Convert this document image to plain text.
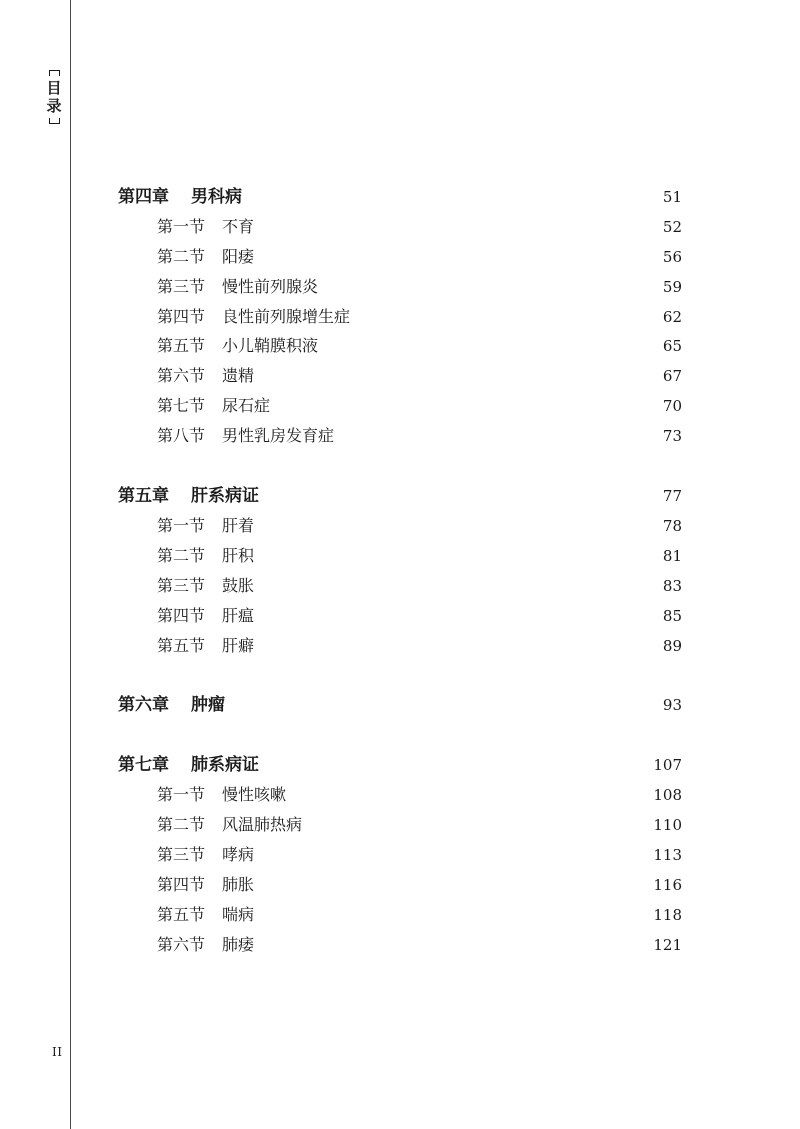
目录
第四章 男科病	51
第一节 不育	52
第二节 阳痿	56
第三节 慢性前列腺炎	59
第四节 良性前列腺增生症	62
第五节 小儿鞘膜积液	65
第六节 遗精	67
第七节 尿石症	70
第八节 男性乳房发育症	73
第五章 肝系病证	77
第一节 肝着	78
第二节 肝积	81
第三节 鼓胀	83
第四节 肝瘟	85
第五节 肝癖	89
第六章 肿瘤	93
第七章 肺系病证	107
第一节 慢性咳嗽	108
第二节 风温肺热病	110
第三节 哮病	113
第四节 肺胀	116
第五节 喘病	118
第六节 肺痿	121
II
